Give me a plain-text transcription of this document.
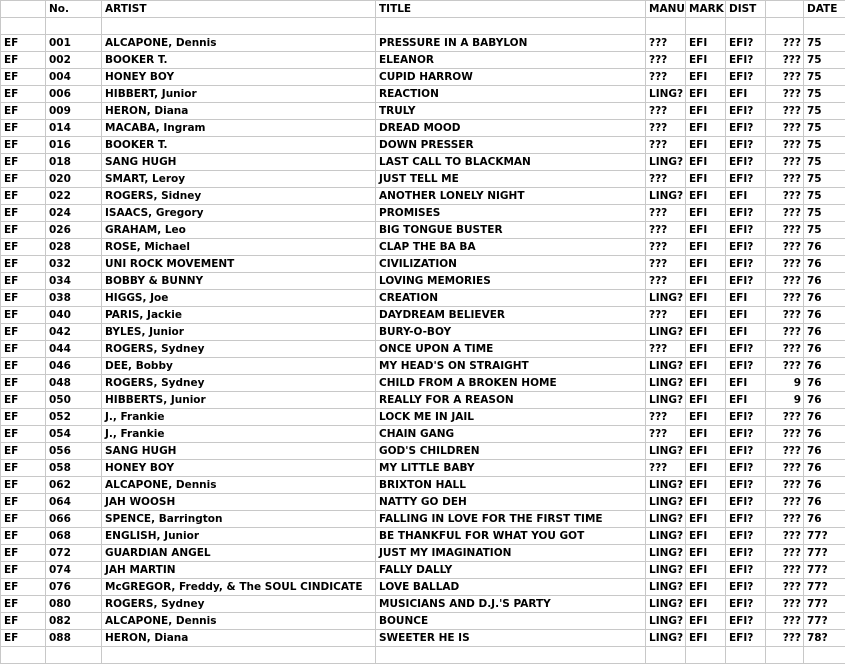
	No.	ARTIST	TITLE	MANU	MARK	DIST		DATE

EF	001	ALCAPONE, Dennis	PRESSURE IN A BABYLON	???	EFI	EFI?	???	75
EF	002	BOOKER T.	ELEANOR	???	EFI	EFI?	???	75
EF	004	HONEY BOY	CUPID HARROW	???	EFI	EFI?	???	75
EF	006	HIBBERT, Junior	REACTION	LING?	EFI	EFI	???	75
EF	009	HERON, Diana	TRULY	???	EFI	EFI?	???	75
EF	014	MACABA, Ingram	DREAD MOOD	???	EFI	EFI?	???	75
EF	016	BOOKER T.	DOWN PRESSER	???	EFI	EFI?	???	75
EF	018	SANG HUGH	LAST CALL TO BLACKMAN	LING?	EFI	EFI?	???	75
EF	020	SMART, Leroy	JUST TELL ME	???	EFI	EFI?	???	75
EF	022	ROGERS, Sidney	ANOTHER LONELY NIGHT	LING?	EFI	EFI	???	75
EF	024	ISAACS, Gregory	PROMISES	???	EFI	EFI?	???	75
EF	026	GRAHAM, Leo	BIG TONGUE BUSTER	???	EFI	EFI?	???	75
EF	028	ROSE, Michael	CLAP THE BA BA	???	EFI	EFI?	???	76
EF	032	UNI ROCK MOVEMENT	CIVILIZATION	???	EFI	EFI?	???	76
EF	034	BOBBY & BUNNY	LOVING MEMORIES	???	EFI	EFI?	???	76
EF	038	HIGGS, Joe	CREATION	LING?	EFI	EFI	???	76
EF	040	PARIS, Jackie	DAYDREAM BELIEVER	???	EFI	EFI	???	76
EF	042	BYLES, Junior	BURY-O-BOY	LING?	EFI	EFI	???	76
EF	044	ROGERS, Sydney	ONCE UPON A TIME	???	EFI	EFI?	???	76
EF	046	DEE, Bobby	MY HEAD'S ON STRAIGHT	LING?	EFI	EFI?	???	76
EF	048	ROGERS, Sydney	CHILD FROM A BROKEN HOME	LING?	EFI	EFI	9	76
EF	050	HIBBERTS, Junior	REALLY FOR A REASON	LING?	EFI	EFI	9	76
EF	052	J., Frankie	LOCK ME IN JAIL	???	EFI	EFI?	???	76
EF	054	J., Frankie	CHAIN GANG	???	EFI	EFI?	???	76
EF	056	SANG HUGH	GOD'S CHILDREN	LING?	EFI	EFI?	???	76
EF	058	HONEY BOY	MY LITTLE BABY	???	EFI	EFI?	???	76
EF	062	ALCAPONE, Dennis	BRIXTON HALL	LING?	EFI	EFI?	???	76
EF	064	JAH WOOSH	NATTY GO DEH	LING?	EFI	EFI?	???	76
EF	066	SPENCE, Barrington	FALLING IN LOVE FOR THE FIRST TIME	LING?	EFI	EFI?	???	76
EF	068	ENGLISH, Junior	BE THANKFUL FOR WHAT YOU GOT	LING?	EFI	EFI?	???	77?
EF	072	GUARDIAN ANGEL	JUST MY IMAGINATION	LING?	EFI	EFI?	???	77?
EF	074	JAH MARTIN	FALLY DALLY	LING?	EFI	EFI?	???	77?
EF	076	McGREGOR, Freddy, & The SOUL CINDICATE	LOVE BALLAD	LING?	EFI	EFI?	???	77?
EF	080	ROGERS, Sydney	MUSICIANS AND D.J.'S PARTY	LING?	EFI	EFI?	???	77?
EF	082	ALCAPONE, Dennis	BOUNCE	LING?	EFI	EFI?	???	77?
EF	088	HERON, Diana	SWEETER HE IS	LING?	EFI	EFI?	???	78?
